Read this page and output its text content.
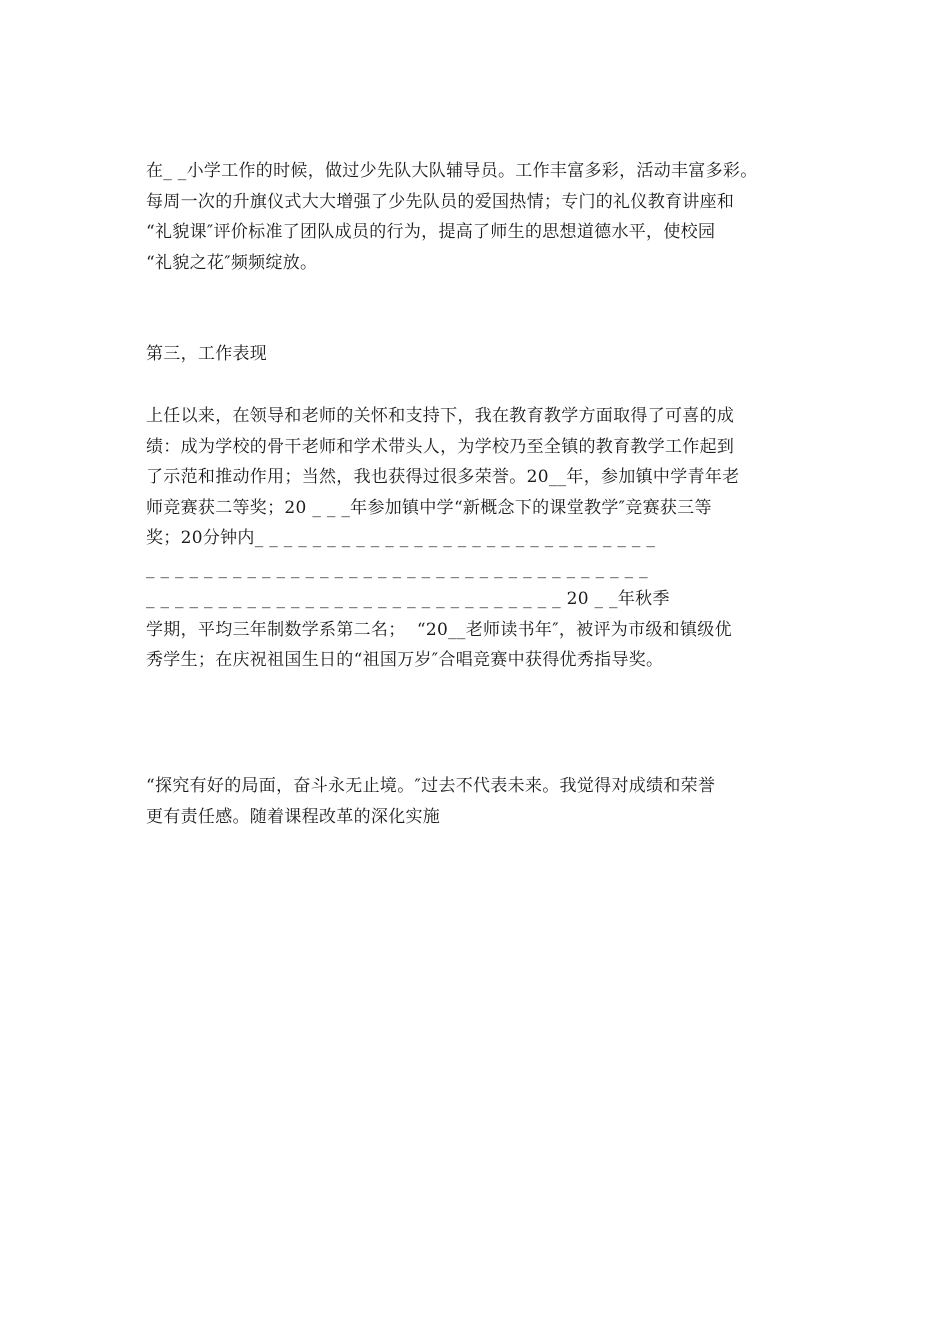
在_ _小学工作的时候，做过少先队大队辅导员。工作丰富多彩，活动丰富多彩。
每周一次的升旗仪式大大增强了少先队员的爱国热情；专门的礼仪教育讲座和
“礼貌课″评价标准了团队成员的行为，提高了师生的思想道德水平，使校园
“礼貌之花″频频绽放。
第三，工作表现
上任以来，在领导和老师的关怀和支持下，我在教育教学方面取得了可喜的成
绩：成为学校的骨干老师和学术带头人，为学校乃至全镇的教育教学工作起到
了示范和推动作用；当然，我也获得过很多荣誉。20__年，参加镇中学青年老
师竞赛获二等奖；20 _ _ _年参加镇中学“新概念下的课堂教学″竞赛获三等
奖；20分钟内_ _ _ _ _ _ _ _ _ _ _ _ _ _ _ _ _ _ _ _ _ _ _ _ _ _ _ _
_ _ _ _ _ _ _ _ _ _ _ _ _ _ _ _ _ _ _ _ _ _ _ _ _ _ _ _ _ _ _ _ _ _ _
_ _ _ _ _ _ _ _ _ _ _ _ _ _ _ _ _ _ _ _ _ _ _ _ _ _ _ _ _ 20 _ _年秋季
学期，平均三年制数学系第二名；  “20__老师读书年″，被评为市级和镇级优
秀学生；在庆祝祖国生日的“祖国万岁″合唱竞赛中获得优秀指导奖。
“探究有好的局面，奋斗永无止境。″过去不代表未来。我觉得对成绩和荣誉
更有责任感。随着课程改革的深化实施
